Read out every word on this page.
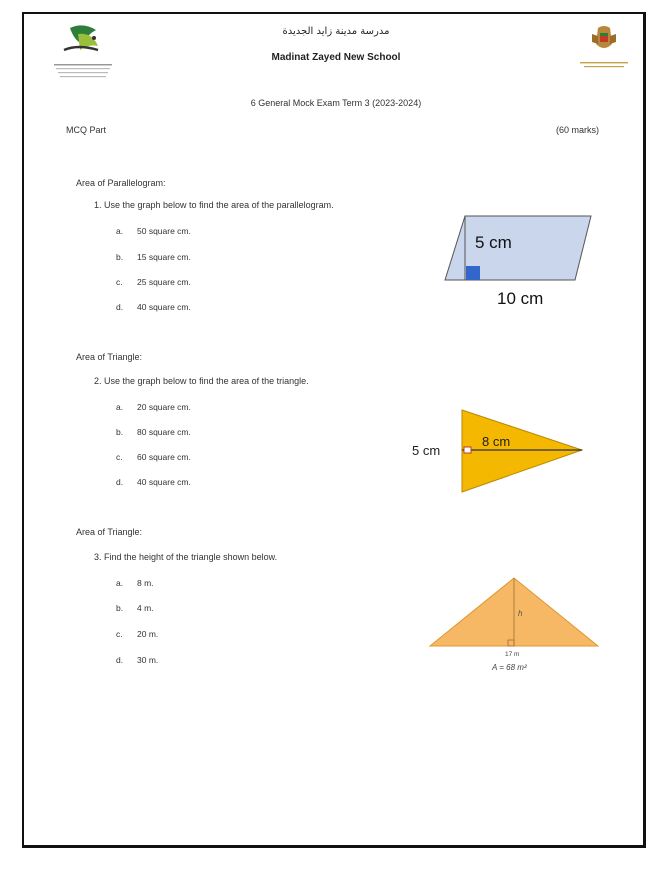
مدرسة مدينة زايد الجديدة
Madinat Zayed New School
6 General Mock Exam Term 3 (2023-2024)
MCQ Part	(60 marks)
Area of Parallelogram:
1. Use the graph below to find the area of the parallelogram.
a. 50 square cm.
b. 15 square cm.
c. 25 square cm.
d. 40 square cm.
5 cm
10 cm
Area of Triangle:
2. Use the graph below to find the area of the triangle.
a. 20 square cm.
b. 80 square cm.
c. 60 square cm.
d. 40 square cm.
5 cm
8 cm
Area of Triangle:
3. Find the height of the triangle shown below.
a. 8 m.
b. 4 m.
c. 20 m.
d. 30 m.
h
17 m
A = 68 m²
